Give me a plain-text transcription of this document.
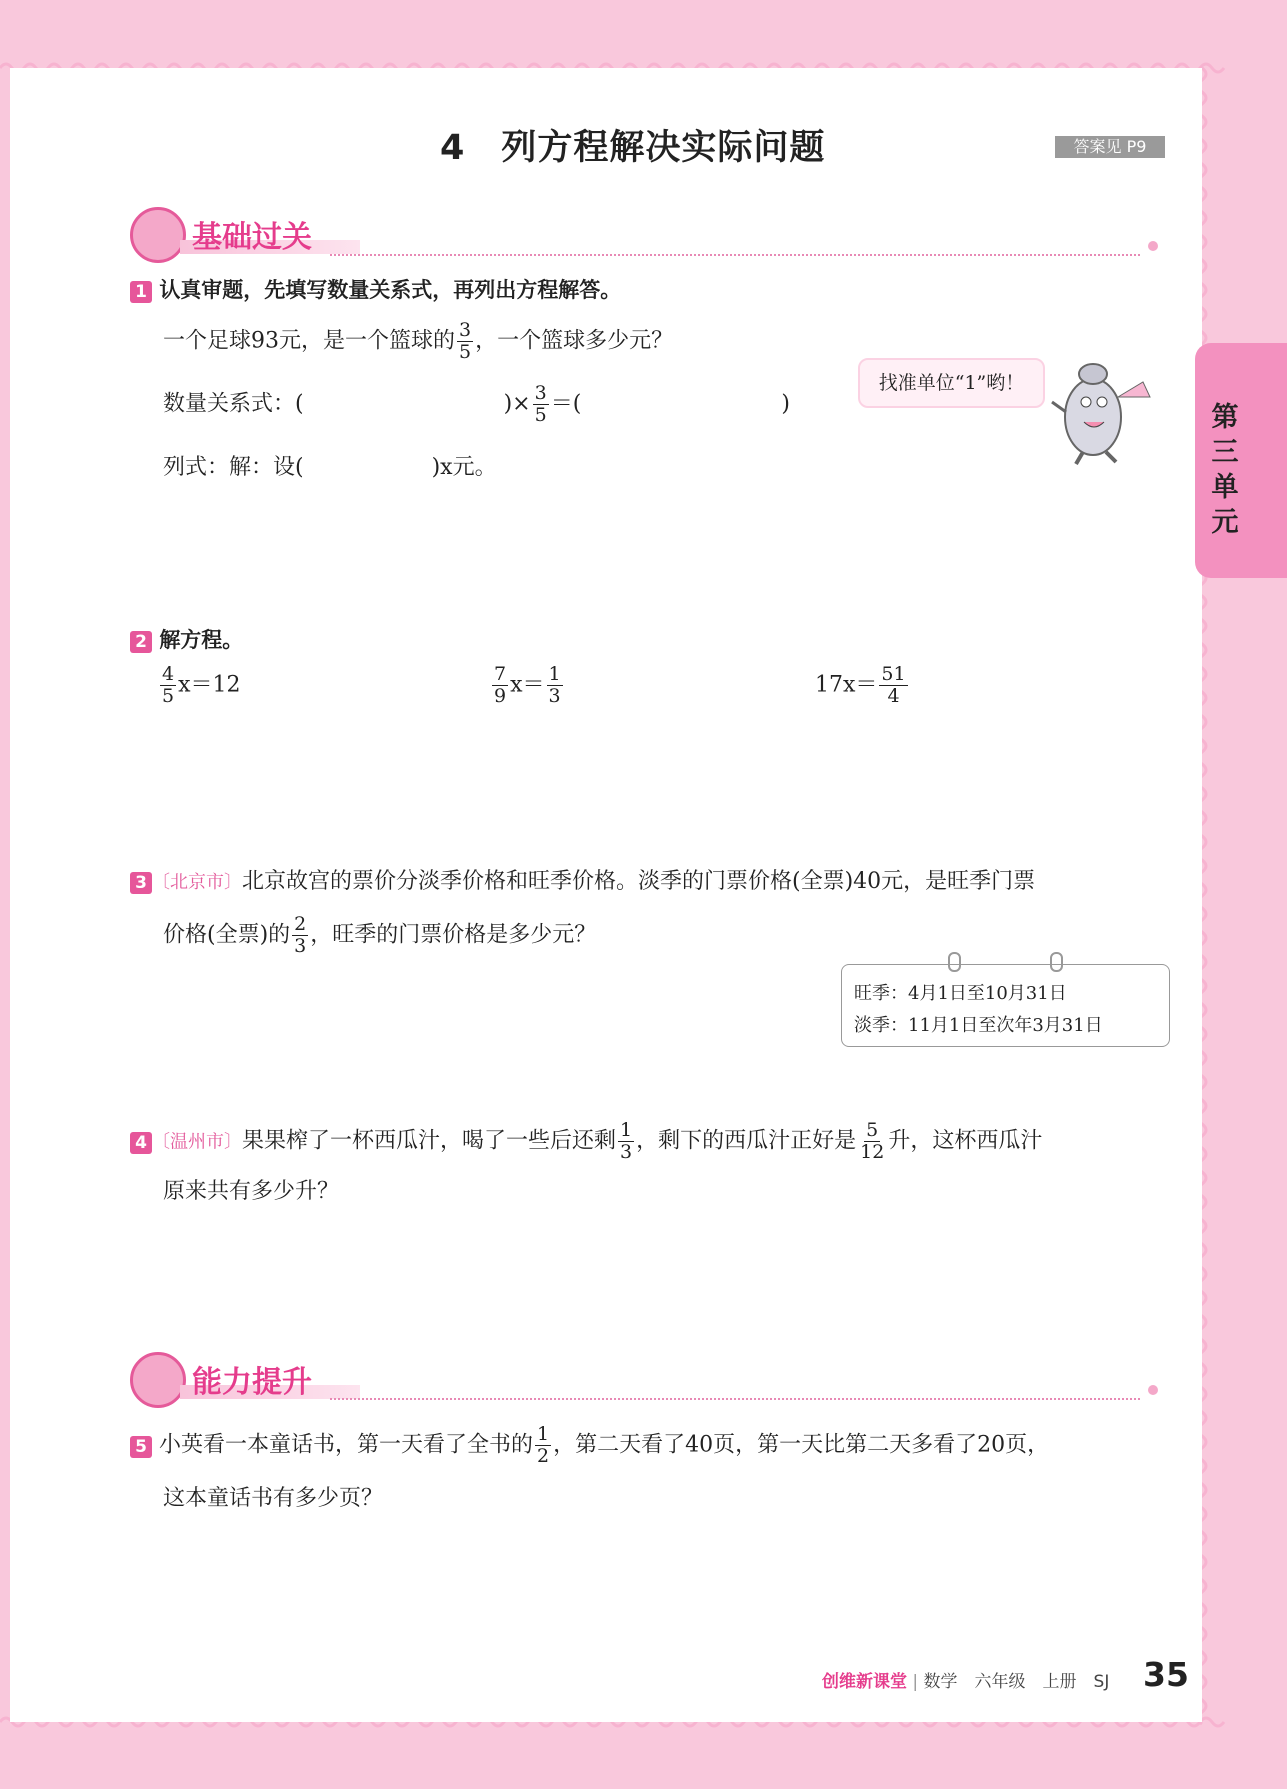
第三单元
4　列方程解决实际问题	答案见 P9
基础过关
1 认真审题，先填写数量关系式，再列出方程解答。
一个足球93元，是一个篮球的 $\frac{3}{5}$ ，一个篮球多少元？
数量关系式：(	)× $\frac{3}{5}$ ＝(	)
列式：解：设(	)x元。
找准单位“1”哟！
2 解方程。
$\frac{4}{5} x=12$	$\frac{7}{9} x= \frac{1}{3}$	$17x= \frac{51}{4}$
3 〔北京市〕北京故宫的票价分淡季价格和旺季价格。淡季的门票价格(全票)40元，是旺季门票
价格(全票)的 $\frac{2}{3}$ ，旺季的门票价格是多少元？
旺季：4月1日至10月31日
淡季：11月1日至次年3月31日
4 〔温州市〕果果榨了一杯西瓜汁，喝了一些后还剩 $\frac{1}{3}$ ，剩下的西瓜汁正好是 $\frac{5}{12}$ 升，这杯西瓜汁
原来共有多少升？
能力提升
5 小英看一本童话书，第一天看了全书的 $\frac{1}{2}$ ，第二天看了40页，第一天比第二天多看了20页，
这本童话书有多少页？
创维新课堂 | 数学　六年级　上册　SJ 35
